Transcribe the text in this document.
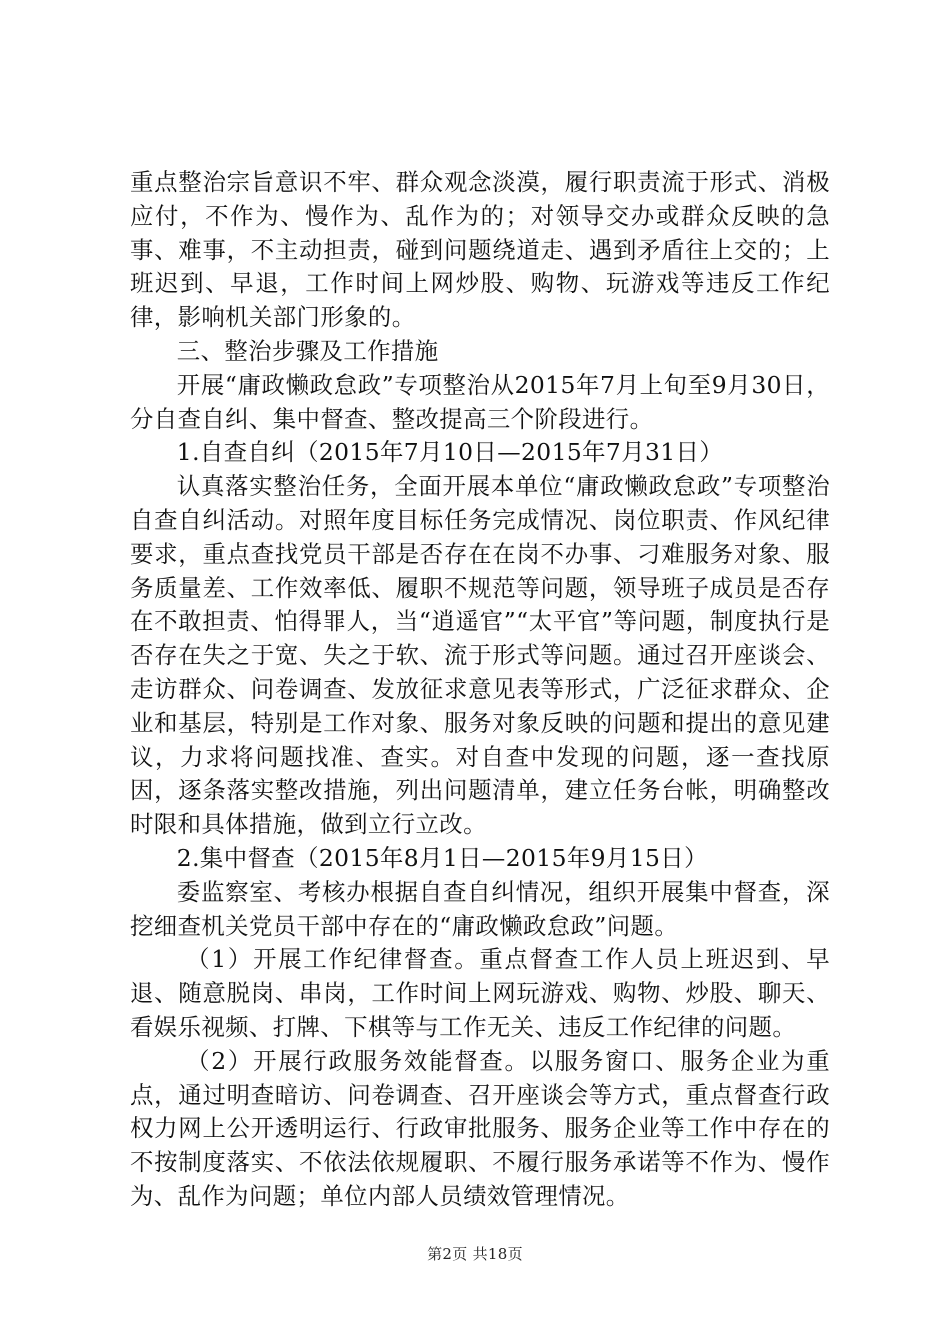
重点整治宗旨意识不牢、群众观念淡漠，履行职责流于形式、消极应付，不作为、慢作为、乱作为的；对领导交办或群众反映的急事、难事，不主动担责，碰到问题绕道走、遇到矛盾往上交的；上班迟到、早退，工作时间上网炒股、购物、玩游戏等违反工作纪律，影响机关部门形象的。

三、整治步骤及工作措施

开展“庸政懒政怠政”专项整治从2015年7月上旬至9月30日，分自查自纠、集中督查、整改提高三个阶段进行。

1.自查自纠（2015年7月10日—2015年7月31日）

认真落实整治任务，全面开展本单位“庸政懒政怠政”专项整治自查自纠活动。对照年度目标任务完成情况、岗位职责、作风纪律要求，重点查找党员干部是否存在在岗不办事、刁难服务对象、服务质量差、工作效率低、履职不规范等问题，领导班子成员是否存在不敢担责、怕得罪人，当“逍遥官”“太平官”等问题，制度执行是否存在失之于宽、失之于软、流于形式等问题。通过召开座谈会、走访群众、问卷调查、发放征求意见表等形式，广泛征求群众、企业和基层，特别是工作对象、服务对象反映的问题和提出的意见建议，力求将问题找准、查实。对自查中发现的问题，逐一查找原因，逐条落实整改措施，列出问题清单，建立任务台帐，明确整改时限和具体措施，做到立行立改。

2.集中督查（2015年8月1日—2015年9月15日）

委监察室、考核办根据自查自纠情况，组织开展集中督查，深挖细查机关党员干部中存在的“庸政懒政怠政”问题。

（1）开展工作纪律督查。重点督查工作人员上班迟到、早退、随意脱岗、串岗，工作时间上网玩游戏、购物、炒股、聊天、看娱乐视频、打牌、下棋等与工作无关、违反工作纪律的问题。

（2）开展行政服务效能督查。以服务窗口、服务企业为重点，通过明查暗访、问卷调查、召开座谈会等方式，重点督查行政权力网上公开透明运行、行政审批服务、服务企业等工作中存在的不按制度落实、不依法依规履职、不履行服务承诺等不作为、慢作为、乱作为问题；单位内部人员绩效管理情况。

第2页 共18页
